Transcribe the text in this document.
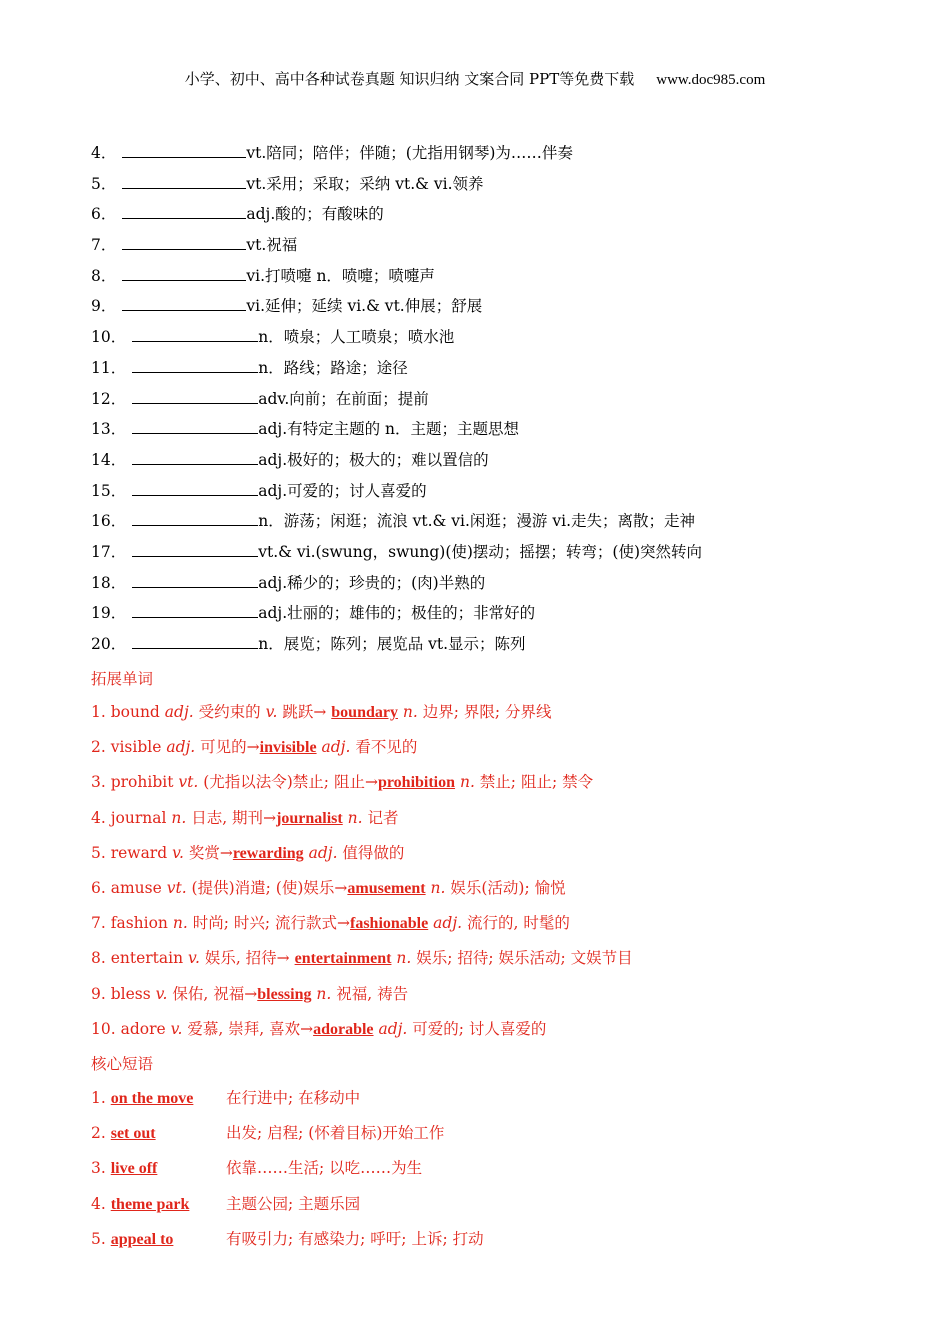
小学、初中、高中各种试卷真题 知识归纳 文案合同 PPT等免费下载 www.doc985.com
4．	vt.陪同；陪伴；伴随；(尤指用钢琴)为……伴奏
5．	vt.采用；采取；采纳 vt.& vi.领养
6．	adj.酸的；有酸味的
7．	vt.祝福
8．	vi.打喷嚏 n．喷嚏；喷嚏声
9．	vi.延伸；延续 vi.& vt.伸展；舒展
10．	n．喷泉；人工喷泉；喷水池
11．	n．路线；路途；途径
12．	adv.向前；在前面；提前
13．	adj.有特定主题的 n．主题；主题思想
14．	adj.极好的；极大的；难以置信的
15．	adj.可爱的；讨人喜爱的
16．	n．游荡；闲逛；流浪 vt.& vi.闲逛；漫游 vi.走失；离散；走神
17．	vt.& vi.(swung，swung)(使)摆动；摇摆；转弯；(使)突然转向
18．	adj.稀少的；珍贵的；(肉)半熟的
19．	adj.壮丽的；雄伟的；极佳的；非常好的
20．	n．展览；陈列；展览品 vt.显示；陈列
拓展单词
1. bound adj. 受约束的 v. 跳跃→ boundary n. 边界; 界限; 分界线
2. visible adj. 可见的→invisible adj. 看不见的
3. prohibit vt. (尤指以法令)禁止; 阻止→prohibition n. 禁止; 阻止; 禁令
4. journal n. 日志, 期刊→journalist n. 记者
5. reward v. 奖赏→rewarding adj. 值得做的
6. amuse vt. (提供)消遣; (使)娱乐→amusement n. 娱乐(活动); 愉悦
7. fashion n. 时尚; 时兴; 流行款式→fashionable adj. 流行的, 时髦的
8. entertain v. 娱乐, 招待→ entertainment n. 娱乐; 招待; 娱乐活动; 文娱节目
9. bless v. 保佑, 祝福→blessing n. 祝福, 祷告
10. adore v. 爱慕, 崇拜, 喜欢→adorable adj. 可爱的; 讨人喜爱的
核心短语
1. on the move 在行进中; 在移动中
2. set out	出发; 启程; (怀着目标)开始工作
3. live off	依靠……生活; 以吃……为生
4. theme park 主题公园; 主题乐园
5. appeal to	有吸引力; 有感染力; 呼吁; 上诉; 打动
